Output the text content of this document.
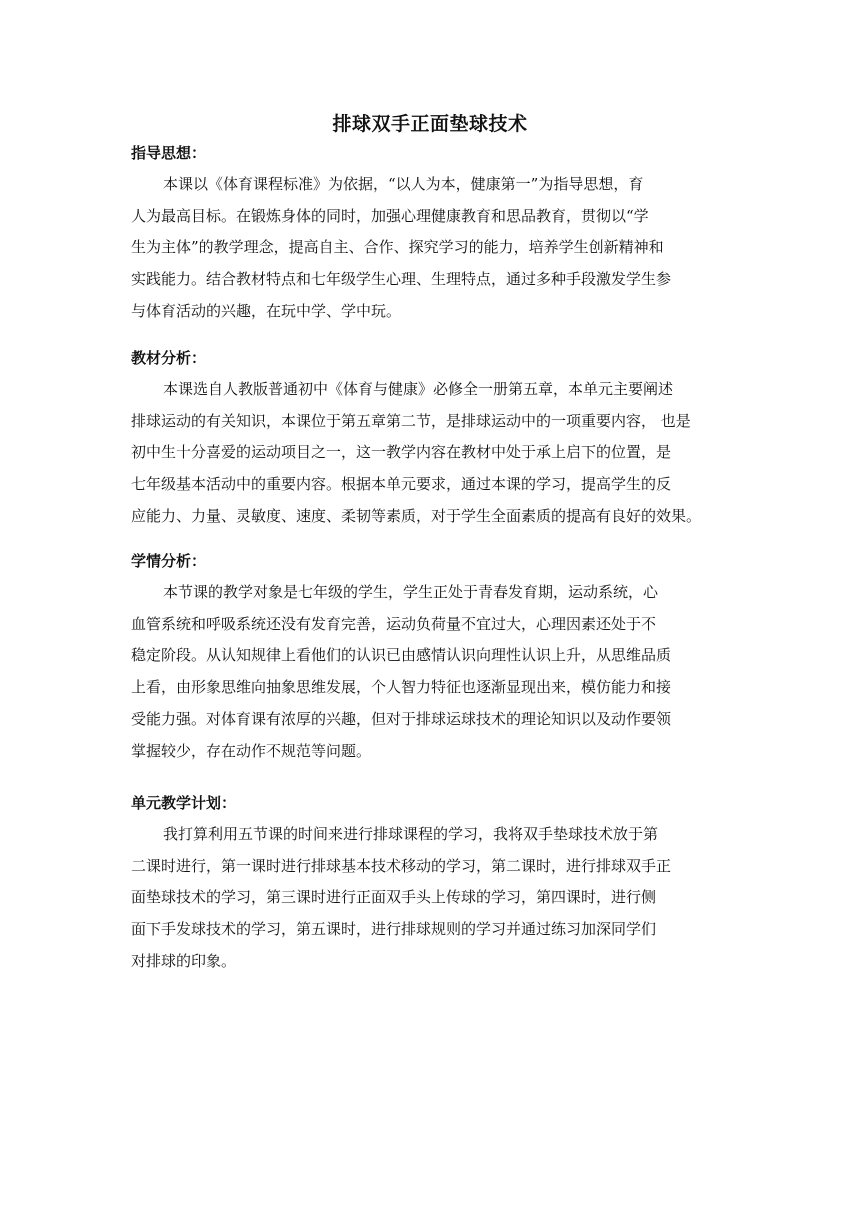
排球双手正面垫球技术
指导思想：

本课以《体育课程标准》为依据，“以人为本，健康第一”为指导思想，育
人为最高目标。在锻炼身体的同时，加强心理健康教育和思品教育，贯彻以“学
生为主体”的教学理念，提高自主、合作、探究学习的能力，培养学生创新精神和
实践能力。结合教材特点和七年级学生心理、生理特点，通过多种手段激发学生参
与体育活动的兴趣，在玩中学、学中玩。

教材分析：

本课选自人教版普通初中《体育与健康》必修全一册第五章，本单元主要阐述
排球运动的有关知识，本课位于第五章第二节，是排球运动中的一项重要内容， 也是
初中生十分喜爱的运动项目之一，这一教学内容在教材中处于承上启下的位置，是
七年级基本活动中的重要内容。根据本单元要求，通过本课的学习，提高学生的反
应能力、力量、灵敏度、速度、柔韧等素质，对于学生全面素质的提高有良好的效果。

学情分析：

本节课的教学对象是七年级的学生，学生正处于青春发育期，运动系统，心
血管系统和呼吸系统还没有发育完善，运动负荷量不宜过大，心理因素还处于不
稳定阶段。从认知规律上看他们的认识已由感情认识向理性认识上升，从思维品质
上看，由形象思维向抽象思维发展，个人智力特征也逐渐显现出来，模仿能力和接
受能力强。对体育课有浓厚的兴趣，但对于排球运球技术的理论知识以及动作要领
掌握较少，存在动作不规范等问题。

单元教学计划：

我打算利用五节课的时间来进行排球课程的学习，我将双手垫球技术放于第
二课时进行，第一课时进行排球基本技术移动的学习，第二课时，进行排球双手正
面垫球技术的学习，第三课时进行正面双手头上传球的学习，第四课时，进行侧
面下手发球技术的学习，第五课时，进行排球规则的学习并通过练习加深同学们
对排球的印象。
